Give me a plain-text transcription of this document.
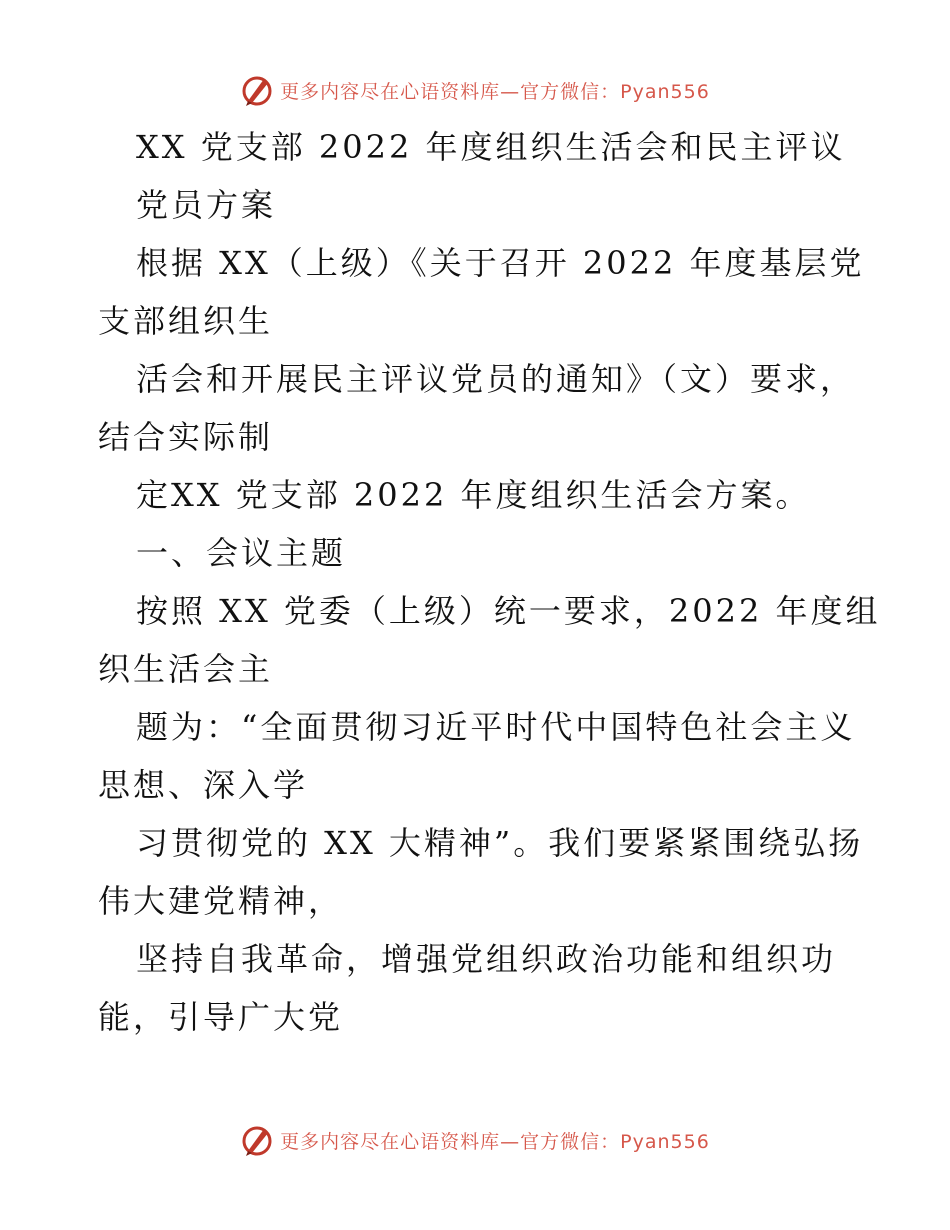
更多内容尽在心语资料库—官方微信：Pyan556
XX 党支部 2022 年度组织生活会和民主评议
党员方案
根据 XX（上级）《关于召开 2022 年度基层党
支部组织生
活会和开展民主评议党员的通知》（文）要求，
结合实际制
定XX 党支部 2022 年度组织生活会方案。
一、会议主题
按照 XX 党委（上级）统一要求，2022 年度组
织生活会主
题为：“全面贯彻习近平时代中国特色社会主义
思想、深入学
习贯彻党的 XX 大精神”。我们要紧紧围绕弘扬
伟大建党精神，
坚持自我革命，增强党组织政治功能和组织功
能，引导广大党
更多内容尽在心语资料库—官方微信：Pyan556
